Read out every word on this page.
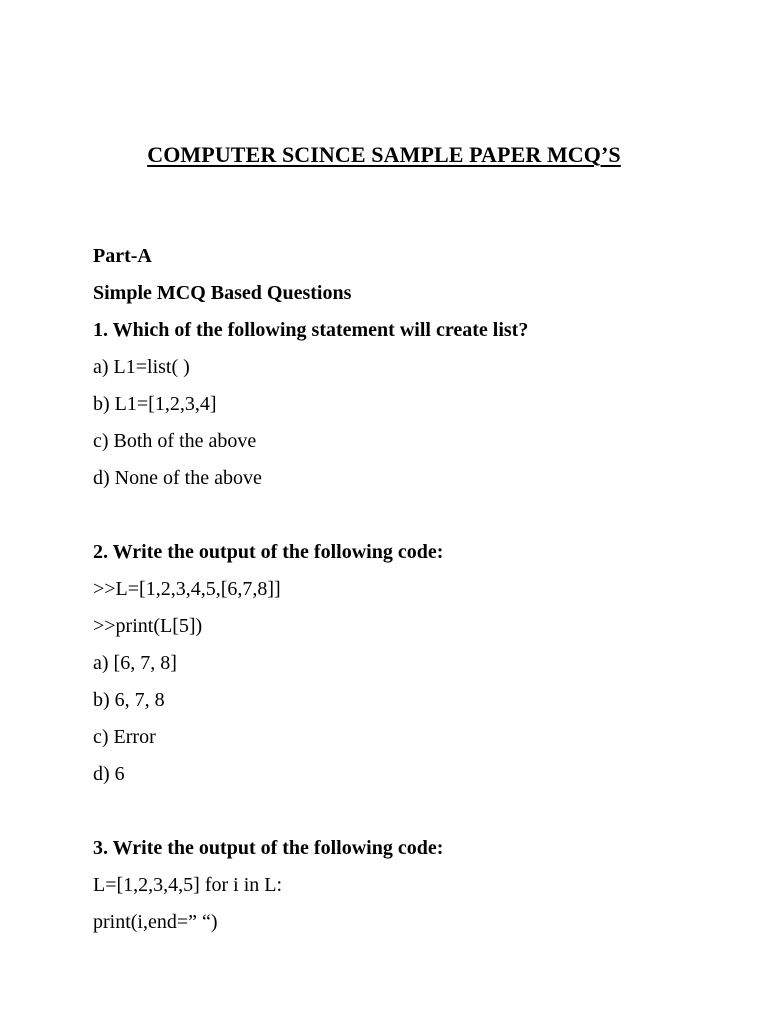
COMPUTER SCINCE SAMPLE PAPER MCQ’S
Part-A
Simple MCQ Based Questions
1. Which of the following statement will create list?
a) L1=list( )
b) L1=[1,2,3,4]
c) Both of the above
d) None of the above
2. Write the output of the following code:
>>L=[1,2,3,4,5,[6,7,8]]
>>print(L[5])
a) [6, 7, 8]
b) 6, 7, 8
c) Error
d) 6
3. Write the output of the following code:
L=[1,2,3,4,5] for i in L:
print(i,end=” “)
